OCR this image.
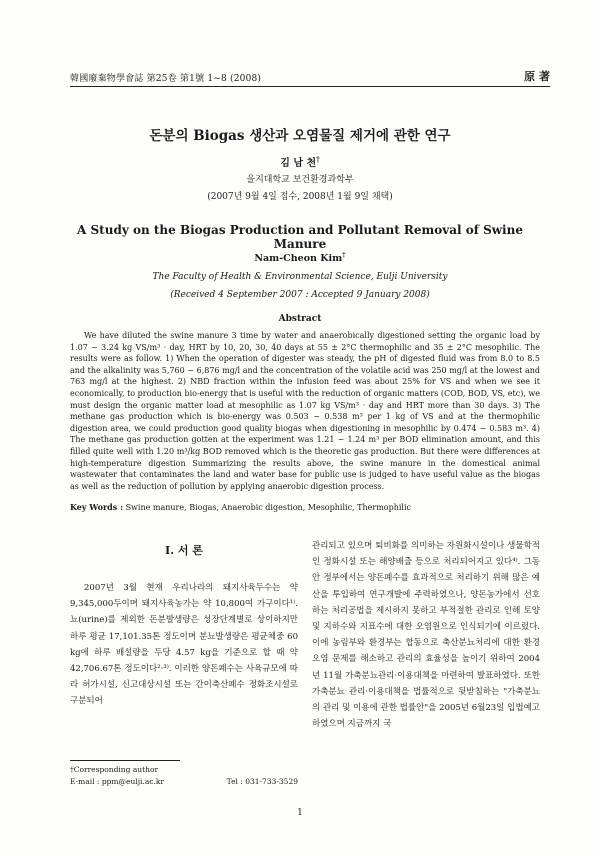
韓國廢棄物學會誌 第25卷 第1號 1~8 (2008)	原 著
돈분의 Biogas 생산과 오염물질 제거에 관한 연구
김 남 천†
을지대학교 보건환경과학부
(2007년 9월 4일 접수, 2008년 1월 9일 채택)
A Study on the Biogas Production and Pollutant Removal of Swine Manure
Nam-Cheon Kim†
The Faculty of Health & Environmental Science, Eulji University
(Received 4 September 2007 : Accepted 9 January 2008)
Abstract
We have diluted the swine manure 3 time by water and anaerobically digestioned setting the organic load by 1.07 ~ 3.24 kg VS/m³ · day, HRT by 10, 20, 30, 40 days at 55 ± 2°C thermophilic and 35 ± 2°C mesophilic. The results were as follow. 1) When the operation of digester was steady, the pH of digested fluid was from 8.0 to 8.5 and the alkalinity was 5,760 ~ 6,876 mg/l and the concentration of the volatile acid was 250 mg/l at the lowest and 763 mg/l at the highest. 2) NBD fraction within the infusion feed was about 25% for VS and when we see it economically, to production bio-energy that is useful with the reduction of organic matters (COD, BOD, VS, etc), we must design the organic matter load at mesophilic as 1.07 kg VS/m³ · day and HRT more than 30 days. 3) The methane gas production which is bio-energy was 0.503 ~ 0.538 m³ per 1 kg of VS and at the thermophilic digestion area, we could production good quality biogas when digestioning in mesophilic by 0.474 ~ 0.583 m³. 4) The methane gas production gotten at the experiment was 1.21 ~ 1.24 m³ per BOD elimination amount, and this filled quite well with 1.20 m³/kg BOD removed which is the theoretic gas production. But there were differences at high-temperature digestion Summarizing the results above, the swine manure in the domestical animal wastewater that contaminates the land and water base for public use is judged to have useful value as the biogas as well as the reduction of pollution by applying anaerobic digestion process.
Key Words : Swine manure, Biogas, Anaerobic digestion, Mesophilic, Thermophilic
I. 서 론
2007년 3월 현재 우리나라의 돼지사육두수는 약 9,345,000두이며 돼지사육농가는 약 10,800여 가구이다¹⁾. 뇨(urine)를 제외한 돈분발생량은 성장단계별로 상이하지만 하루 평균 17,101.35톤 정도이며 분뇨발생량은 평균체중 60 kg에 하루 배설량을 두당 4.57 kg을 기준으로 할 때 약 42,706.67톤 정도이다²·³⁾. 이러한 양돈폐수는 사육규모에 따라 허가시설, 신고대상시설 또는 간이축산폐수 정화조시설로 구분되어
관리되고 있으며 퇴비화를 의미하는 자원화시설이나 생물학적인 정화시설 또는 해양배출 등으로 처리되어지고 있다⁴⁾. 그동안 정부에서는 양돈폐수를 효과적으로 처리하기 위해 많은 예산을 투입하여 연구개발에 주력하였으나, 양돈농가에서 선호하는 처리공법을 제시하지 못하고 부적절한 관리로 인해 토양 및 지하수와 지표수에 대한 오염원으로 인식되기에 이르렀다. 이에 농림부와 환경부는 합동으로 축산분뇨처리에 대한 환경오염 문제를 해소하고 관리의 효율성을 높이기 위하여 2004년 11월 가축분뇨관리·이용대책을 마련하여 발표하였다. 또한 가축분뇨 관리·이용대책을 법률적으로 뒷받침하는 "가축분뇨의 관리 및 이용에 관한 법률안"을 2005년 6월23일 입법예고하였으며 지금까지 국
†Corresponding author
E-mail : ppm@eulji.ac.kr	Tel : 031-733-3529
1
